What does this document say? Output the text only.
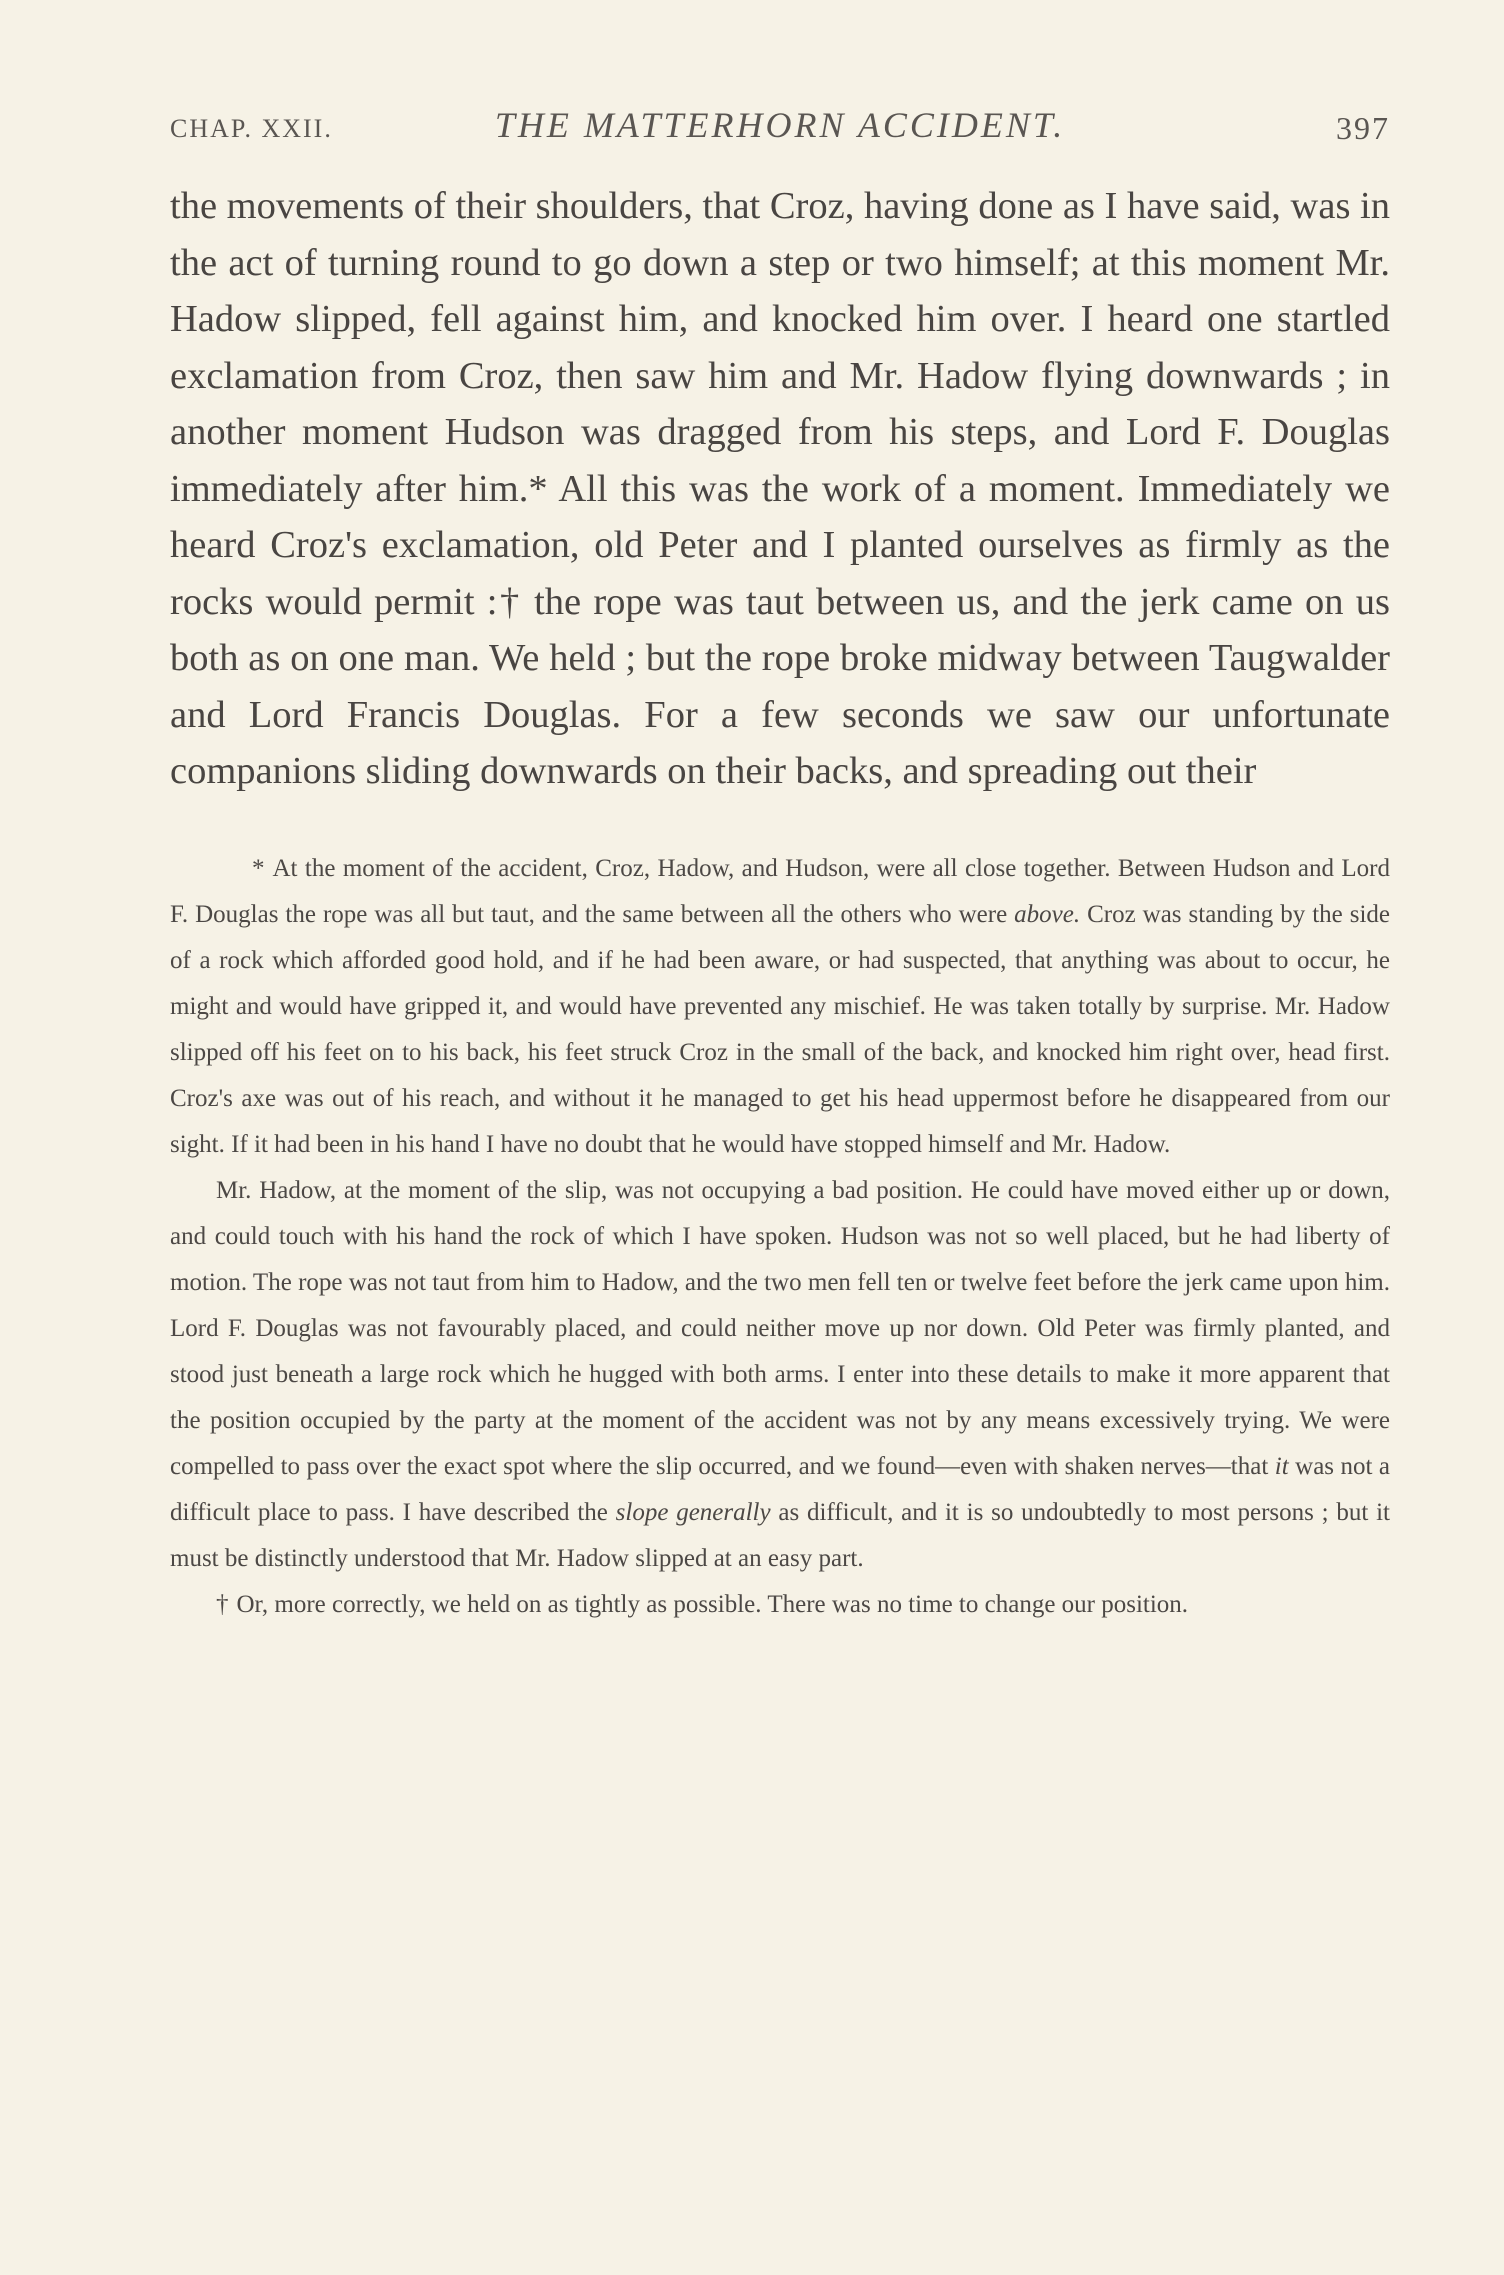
CHAP. XXII.	THE MATTERHORN ACCIDENT.	397

the movements of their shoulders, that Croz, having done as I have said, was in the act of turning round to go down a step or two himself; at this moment Mr. Hadow slipped, fell against him, and knocked him over. I heard one startled exclamation from Croz, then saw him and Mr. Hadow flying downwards ; in another moment Hudson was dragged from his steps, and Lord F. Douglas immediately after him.* All this was the work of a moment. Immediately we heard Croz's exclamation, old Peter and I planted ourselves as firmly as the rocks would permit :† the rope was taut between us, and the jerk came on us both as on one man. We held ; but the rope broke midway between Taugwalder and Lord Francis Douglas. For a few seconds we saw our unfortunate companions sliding downwards on their backs, and spreading out their

* At the moment of the accident, Croz, Hadow, and Hudson, were all close together. Between Hudson and Lord F. Douglas the rope was all but taut, and the same between all the others who were above. Croz was standing by the side of a rock which afforded good hold, and if he had been aware, or had suspected, that anything was about to occur, he might and would have gripped it, and would have prevented any mischief. He was taken totally by surprise. Mr. Hadow slipped off his feet on to his back, his feet struck Croz in the small of the back, and knocked him right over, head first. Croz's axe was out of his reach, and without it he managed to get his head uppermost before he disappeared from our sight. If it had been in his hand I have no doubt that he would have stopped himself and Mr. Hadow.

Mr. Hadow, at the moment of the slip, was not occupying a bad position. He could have moved either up or down, and could touch with his hand the rock of which I have spoken. Hudson was not so well placed, but he had liberty of motion. The rope was not taut from him to Hadow, and the two men fell ten or twelve feet before the jerk came upon him. Lord F. Douglas was not favourably placed, and could neither move up nor down. Old Peter was firmly planted, and stood just beneath a large rock which he hugged with both arms. I enter into these details to make it more apparent that the position occupied by the party at the moment of the accident was not by any means excessively trying. We were compelled to pass over the exact spot where the slip occurred, and we found—even with shaken nerves—that it was not a difficult place to pass. I have described the slope generally as difficult, and it is so undoubtedly to most persons ; but it must be distinctly understood that Mr. Hadow slipped at an easy part.

† Or, more correctly, we held on as tightly as possible. There was no time to change our position.
